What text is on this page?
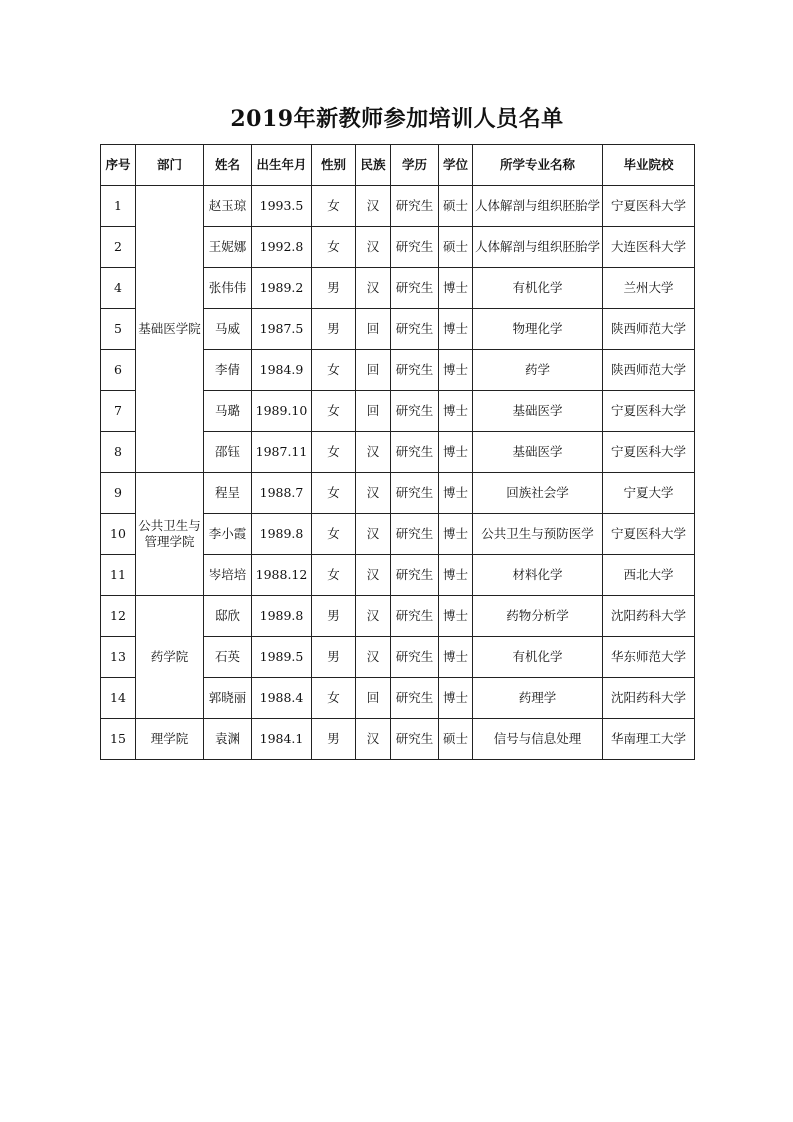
2019年新教师参加培训人员名单
序号	部门	姓名	出生年月	性别	民族	学历	学位	所学专业名称	毕业院校
1	基础医学院	赵玉琼	1993.5	女	汉	研究生	硕士	人体解剖与组织胚胎学	宁夏医科大学
2		王妮娜	1992.8	女	汉	研究生	硕士	人体解剖与组织胚胎学	大连医科大学
4		张伟伟	1989.2	男	汉	研究生	博士	有机化学	兰州大学
5		马威	1987.5	男	回	研究生	博士	物理化学	陕西师范大学
6		李倩	1984.9	女	回	研究生	博士	药学	陕西师范大学
7		马璐	1989.10	女	回	研究生	博士	基础医学	宁夏医科大学
8		邵钰	1987.11	女	汉	研究生	博士	基础医学	宁夏医科大学
9	公共卫生与管理学院	程呈	1988.7	女	汉	研究生	博士	回族社会学	宁夏大学
10		李小霞	1989.8	女	汉	研究生	博士	公共卫生与预防医学	宁夏医科大学
11		岑培培	1988.12	女	汉	研究生	博士	材料化学	西北大学
12	药学院	邸欣	1989.8	男	汉	研究生	博士	药物分析学	沈阳药科大学
13		石英	1989.5	男	汉	研究生	博士	有机化学	华东师范大学
14		郭晓丽	1988.4	女	回	研究生	博士	药理学	沈阳药科大学
15	理学院	袁渊	1984.1	男	汉	研究生	硕士	信号与信息处理	华南理工大学
